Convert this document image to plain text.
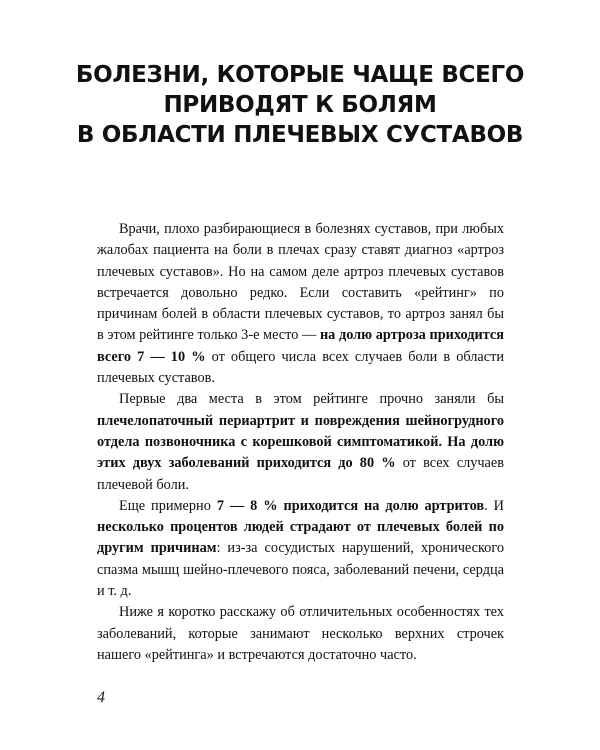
БОЛЕЗНИ, КОТОРЫЕ ЧАЩЕ ВСЕГО
ПРИВОДЯТ К БОЛЯМ
В ОБЛАСТИ ПЛЕЧЕВЫХ СУСТАВОВ

Врачи, плохо разбирающиеся в болезнях суставов, при любых жалобах пациента на боли в плечах сразу ставят диагноз «артроз плечевых суставов». Но на самом деле артроз плечевых суставов встречается довольно редко. Если составить «рейтинг» по причинам болей в области плечевых суставов, то артроз занял бы в этом рейтинге только 3-е место — на долю артроза приходится всего 7 — 10 % от общего числа всех случаев боли в области плечевых суставов.

Первые два места в этом рейтинге прочно заняли бы плечелопаточный периартрит и повреждения шейногрудного отдела позвоночника с корешковой симптоматикой. На долю этих двух заболеваний приходится до 80 % от всех случаев плечевой боли.

Еще примерно 7 — 8 % приходится на долю артритов. И несколько процентов людей страдают от плечевых болей по другим причинам: из-за сосудистых нарушений, хронического спазма мышц шейно-плечевого пояса, заболеваний печени, сердца и т. д.

Ниже я коротко расскажу об отличительных особенностях тех заболеваний, которые занимают несколько верхних строчек нашего «рейтинга» и встречаются достаточно часто.

4
